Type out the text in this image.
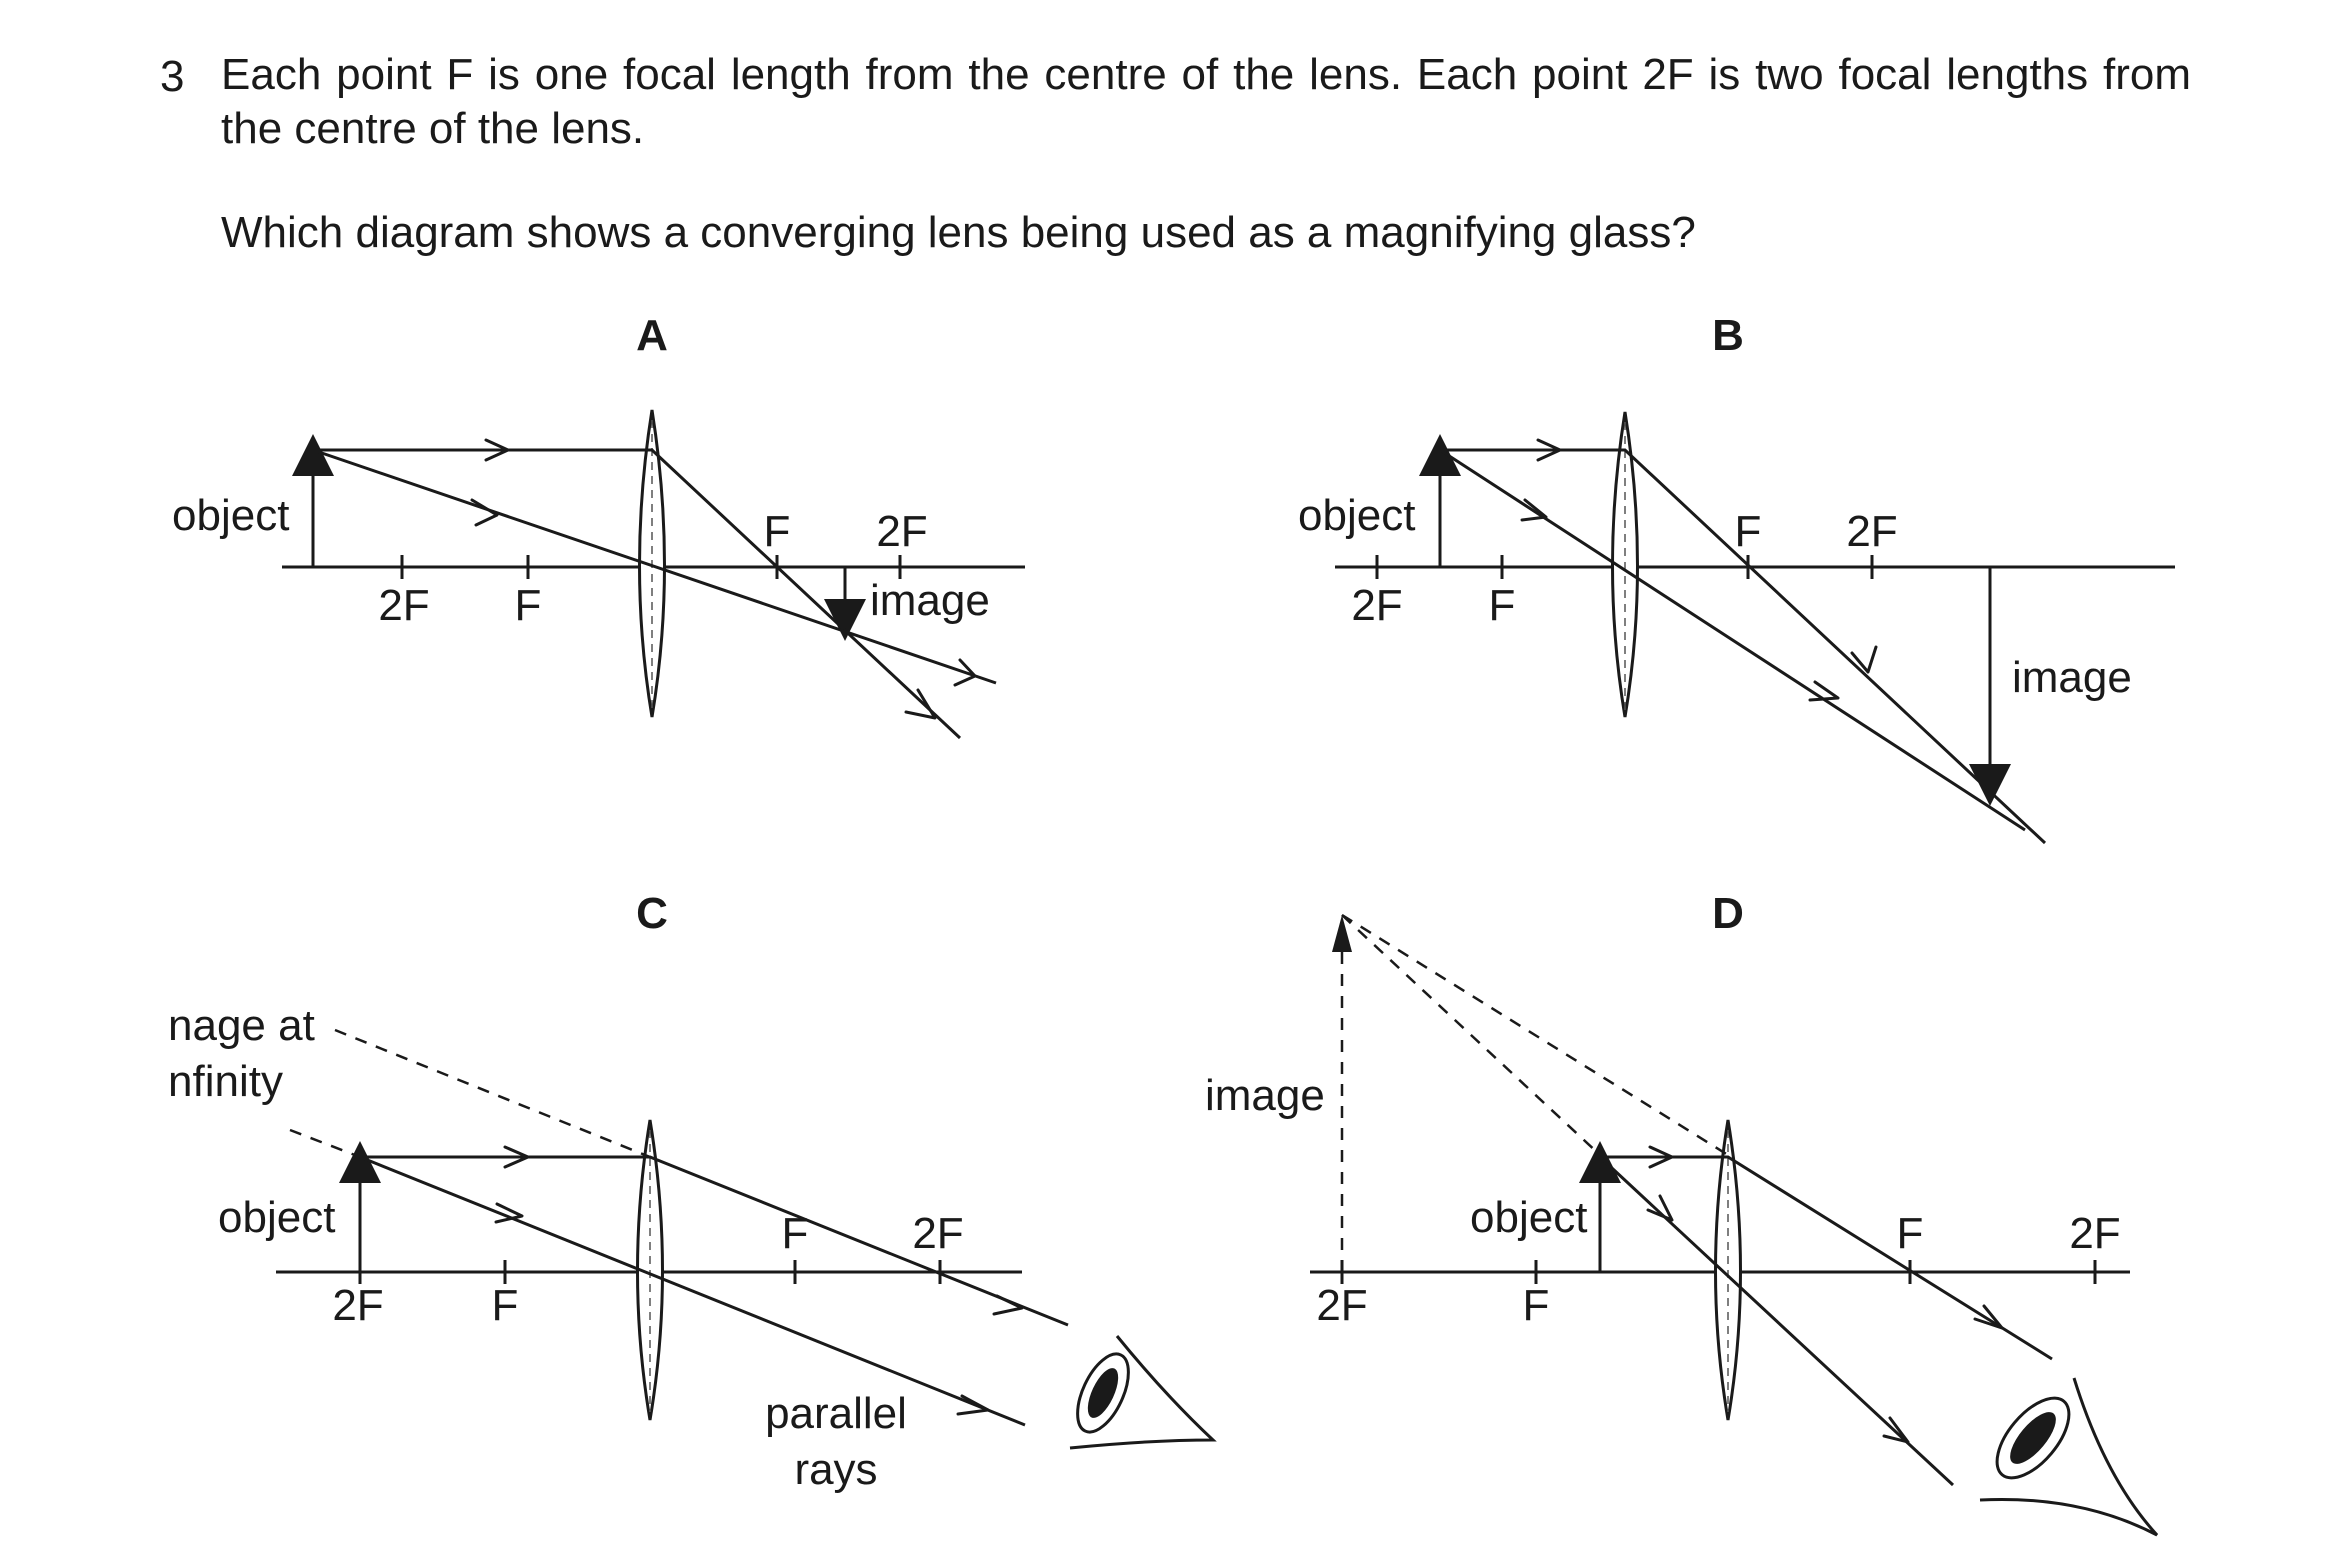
3 Each point F is one focal length from the centre of the lens. Each point 2F is two focal lengths from the centre of the lens.
Which diagram shows a converging lens being used as a magnifying glass?
A
object
image
2F F
F 2F
B
object
image
2F F
F 2F
C
nage at
nfinity
object
parallel
rays
2F F
F 2F
D
image
object
2F	F
F	2F
